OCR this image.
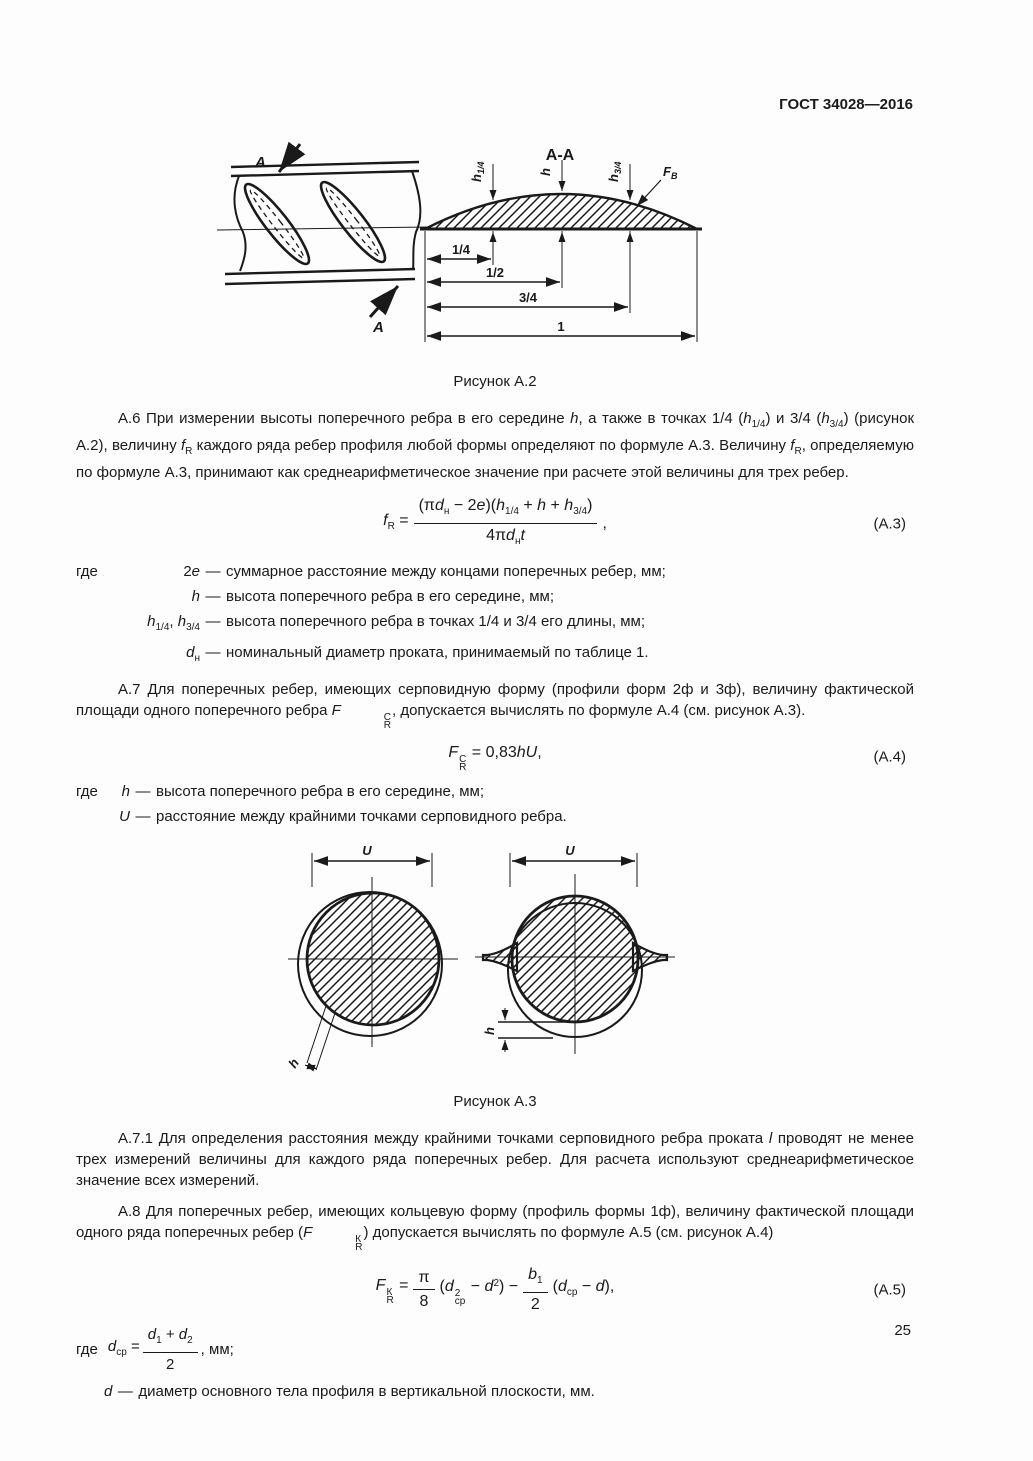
ГОСТ 34028—2016
А
А
А-А
$h_{1/4}$	h
$h_{3/4}$	$F_В$
1/4
1/2
3/4
1
Рисунок А.2

А.6 При измерении высоты поперечного ребра в его середине h, а также в точках 1/4 $(h_{1/4})$ и 3/4 $(h_{3/4})$ (рисунок А.2), величину $f_R$ каждого ряда ребер профиля любой формы определяют по формуле А.3. Величину $f_R$, определяемую по формуле А.3, принимают как среднеарифметическое значение при расчете этой величины для трех ребер.

$f_R = \frac{(\pi d_н - 2e)(h_{1/4} + h + h_{3/4})}{4\pi d_нt}$ ,	(А.3)
где	2e — суммарное расстояние между концами поперечных ребер, мм;
h — высота поперечного ребра в его середине, мм;
$h_{1/4}$, $h_{3/4}$ — высота поперечного ребра в точках 1/4 и 3/4 его длины, мм;
$d_н$ — номинальный диаметр проката, принимаемый по таблице 1.

А.7 Для поперечных ребер, имеющих серповидную форму (профили форм 2ф и 3ф), величину фактической площади одного поперечного ребра F	С
R
, допускается вычислять по формуле А.4 (см. рисунок А.3).

F С
R
= 0,83hU,	(А.4)
где	h — высота поперечного ребра в его середине, мм;
U — расстояние между крайними точками серповидного ребра.
U
h
U
h
Рисунок А.3

А.7.1 Для определения расстояния между крайними точками серповидного ребра проката l проводят не менее трех измерений величины для каждого ряда поперечных ребер. Для расчета используют среднеарифметическое значение всех измерений.

А.8 Для поперечных ребер, имеющих кольцевую форму (профиль формы 1ф), величину фактической площади одного ряда поперечных ребер (F	К
R
) допускается вычислять по формуле А.5 (см. рисунок А.4)

F К
R
= $\frac{\pi}{8} (d$ 2
ср
− $d^2) - \frac{b_1}{2} (d_{ср} - d)$,	(А.5)
где $d_{ср} = \frac{d_1 + d_2}{2}$ , мм;
d — диаметр основного тела профиля в вертикальной плоскости, мм.
25
